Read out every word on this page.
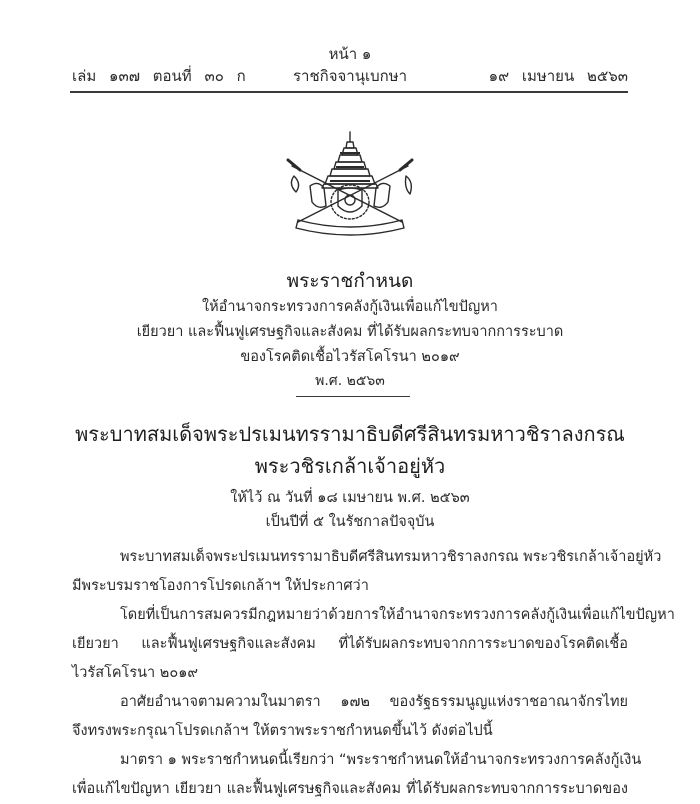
หน้า ๑
เล่ม ๑๓๗ ตอนที่ ๓๐ ก	ราชกิจจานุเบกษา	๑๙ เมษายน ๒๕๖๓
พระราชกำหนด
ให้อำนาจกระทรวงการคลังกู้เงินเพื่อแก้ไขปัญหา
เยียวยา และฟื้นฟูเศรษฐกิจและสังคม ที่ได้รับผลกระทบจากการระบาด
ของโรคติดเชื้อไวรัสโคโรนา ๒๐๑๙
พ.ศ. ๒๕๖๓
พระบาทสมเด็จพระปรเมนทรรามาธิบดีศรีสินทรมหาวชิราลงกรณ
พระวชิรเกล้าเจ้าอยู่หัว
ให้ไว้ ณ วันที่ ๑๘ เมษายน พ.ศ. ๒๕๖๓
เป็นปีที่ ๕ ในรัชกาลปัจจุบัน

พระบาทสมเด็จพระปรเมนทรรามาธิบดีศรีสินทรมหาวชิราลงกรณ พระวชิรเกล้าเจ้าอยู่หัว
มีพระบรมราชโองการโปรดเกล้าฯ ให้ประกาศว่า

โดยที่เป็นการสมควรมีกฎหมายว่าด้วยการให้อำนาจกระทรวงการคลังกู้เงินเพื่อแก้ไขปัญหา
เยียวยา และฟื้นฟูเศรษฐกิจและสังคม ที่ได้รับผลกระทบจากการระบาดของโรคติดเชื้อ
ไวรัสโคโรนา ๒๐๑๙

อาศัยอำนาจตามความในมาตรา ๑๗๒ ของรัฐธรรมนูญแห่งราชอาณาจักรไทย
จึงทรงพระกรุณาโปรดเกล้าฯ ให้ตราพระราชกำหนดขึ้นไว้ ดังต่อไปนี้

มาตรา ๑ พระราชกำหนดนี้เรียกว่า “พระราชกำหนดให้อำนาจกระทรวงการคลังกู้เงิน
เพื่อแก้ไขปัญหา เยียวยา และฟื้นฟูเศรษฐกิจและสังคม ที่ได้รับผลกระทบจากการระบาดของ
